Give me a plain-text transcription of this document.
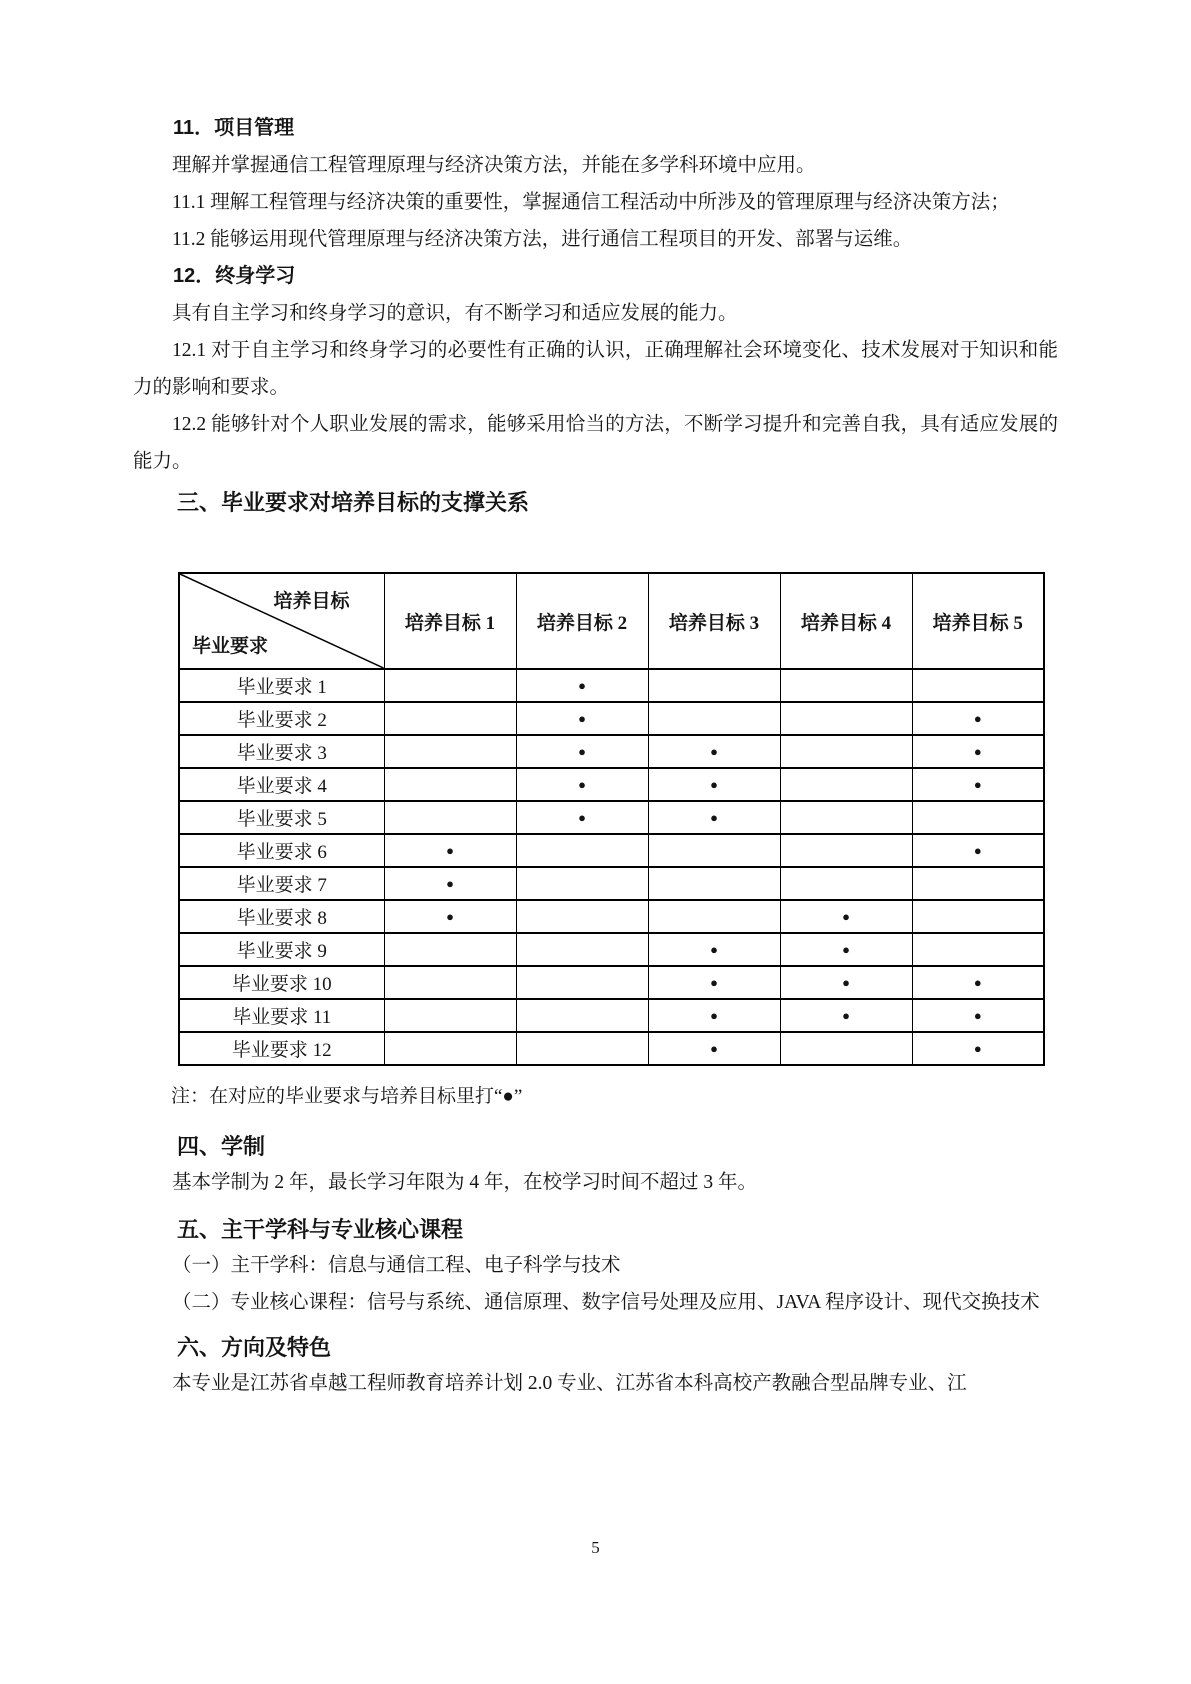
11．项目管理

理解并掌握通信工程管理原理与经济决策方法，并能在多学科环境中应用。

11.1 理解工程管理与经济决策的重要性，掌握通信工程活动中所涉及的管理原理与经济决策方法；

11.2 能够运用现代管理原理与经济决策方法，进行通信工程项目的开发、部署与运维。

12．终身学习

具有自主学习和终身学习的意识，有不断学习和适应发展的能力。

12.1 对于自主学习和终身学习的必要性有正确的认识，正确理解社会环境变化、技术发展对于知识和能力的影响和要求。

12.2 能够针对个人职业发展的需求，能够采用恰当的方法，不断学习提升和完善自我，具有适应发展的能力。

三、毕业要求对培养目标的支撑关系
培养目标
毕业要求	培养目标 1	培养目标 2	培养目标 3	培养目标 4	培养目标 5
毕业要求 1		●			
毕业要求 2		●			●
毕业要求 3		●	●		●
毕业要求 4		●	●		●
毕业要求 5		●	●		
毕业要求 6	●				●
毕业要求 7	●				
毕业要求 8	●			●	
毕业要求 9			●	●	
毕业要求 10			●	●	●
毕业要求 11			●	●	●
毕业要求 12			●		●

注：在对应的毕业要求与培养目标里打“●”

四、学制

基本学制为 2 年，最长学习年限为 4 年，在校学习时间不超过 3 年。

五、主干学科与专业核心课程

（一）主干学科：信息与通信工程、电子科学与技术

（二）专业核心课程：信号与系统、通信原理、数字信号处理及应用、JAVA 程序设计、现代交换技术

六、方向及特色

本专业是江苏省卓越工程师教育培养计划 2.0 专业、江苏省本科高校产教融合型品牌专业、江

5
